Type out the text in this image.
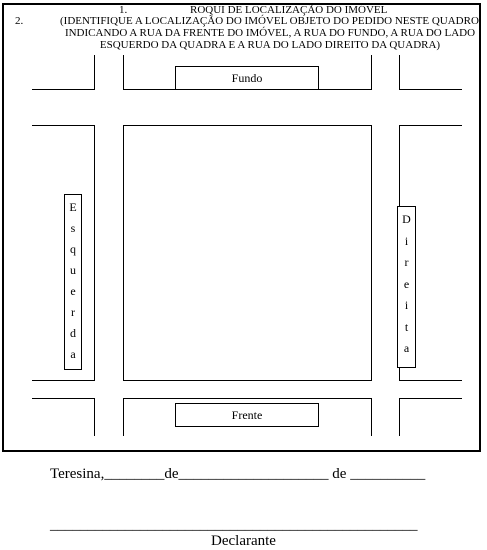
1.	ROQUI DE LOCALIZAÇÃO DO IMÓVEL
2.	(IDENTIFIQUE A LOCALIZAÇÃO DO IMÓVEL OBJETO DO PEDIDO NESTE QUADRO,
INDICANDO A RUA DA FRENTE DO IMÓVEL, A RUA DO FUNDO, A RUA DO LADO
ESQUERDO DA QUADRA E A RUA DO LADO DIREITO DA QUADRA)
Fundo
Frente
E
s
q
u
e
r
d
a
D
i
r
e
i
t
a
Teresina,________de____________________ de __________
_________________________________________________
Declarante
